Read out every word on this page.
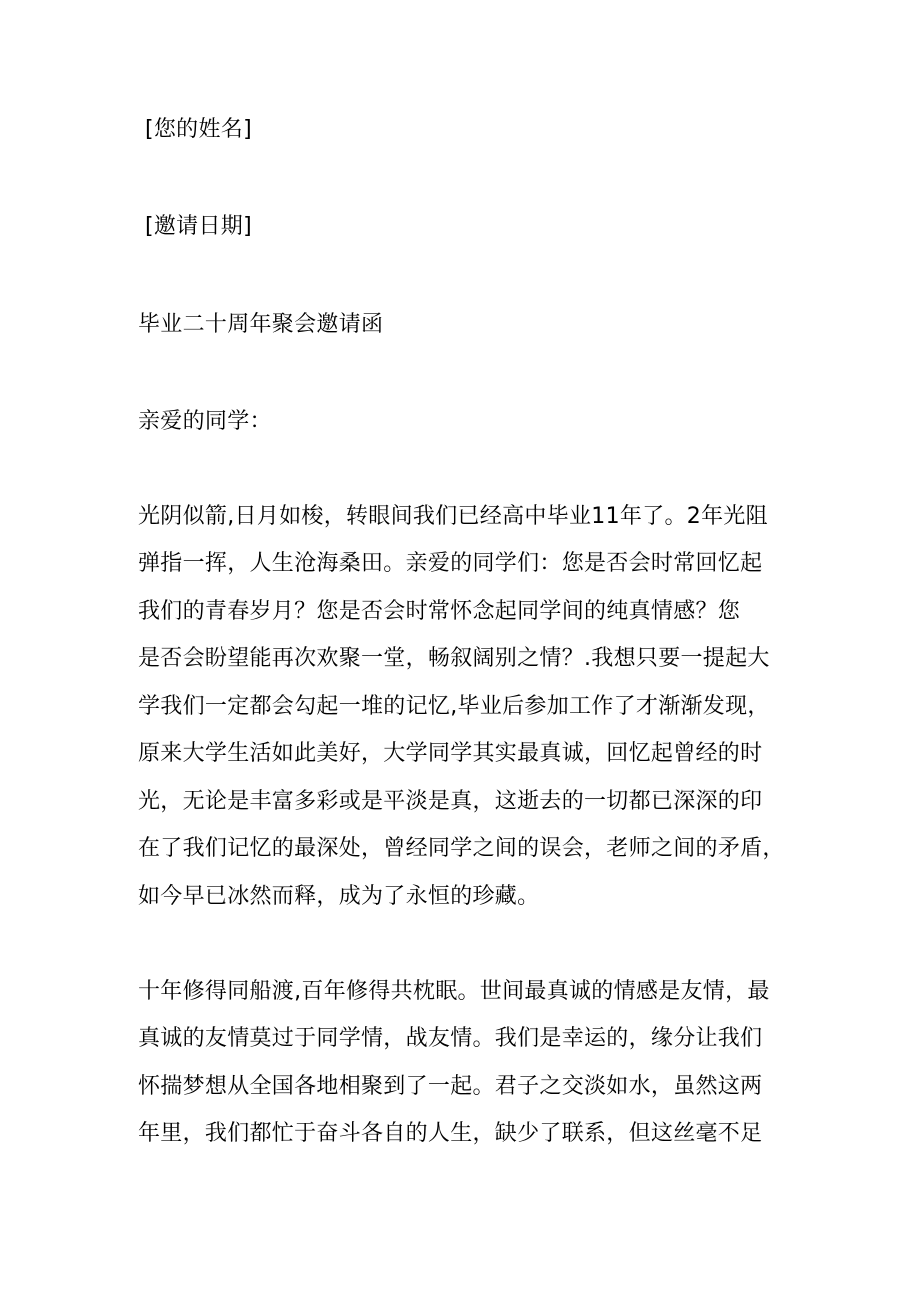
[您的姓名]
[邀请日期]
毕业二十周年聚会邀请函
亲爱的同学：
光阴似箭,日月如梭，转眼间我们已经高中毕业11年了。2年光阻
弹指一挥，人生沧海桑田。亲爱的同学们：您是否会时常回忆起
我们的青春岁月？您是否会时常怀念起同学间的纯真情感？您
是否会盼望能再次欢聚一堂，畅叙阔别之情？.我想只要一提起大
学我们一定都会勾起一堆的记忆,毕业后参加工作了才渐渐发现，
原来大学生活如此美好，大学同学其实最真诚，回忆起曾经的时
光，无论是丰富多彩或是平淡是真，这逝去的一切都已深深的印
在了我们记忆的最深处，曾经同学之间的误会，老师之间的矛盾，
如今早已冰然而释，成为了永恒的珍藏。
十年修得同船渡,百年修得共枕眠。世间最真诚的情感是友情，最
真诚的友情莫过于同学情，战友情。我们是幸运的，缘分让我们
怀揣梦想从全国各地相聚到了一起。君子之交淡如水，虽然这两
年里，我们都忙于奋斗各自的人生，缺少了联系，但这丝毫不足
